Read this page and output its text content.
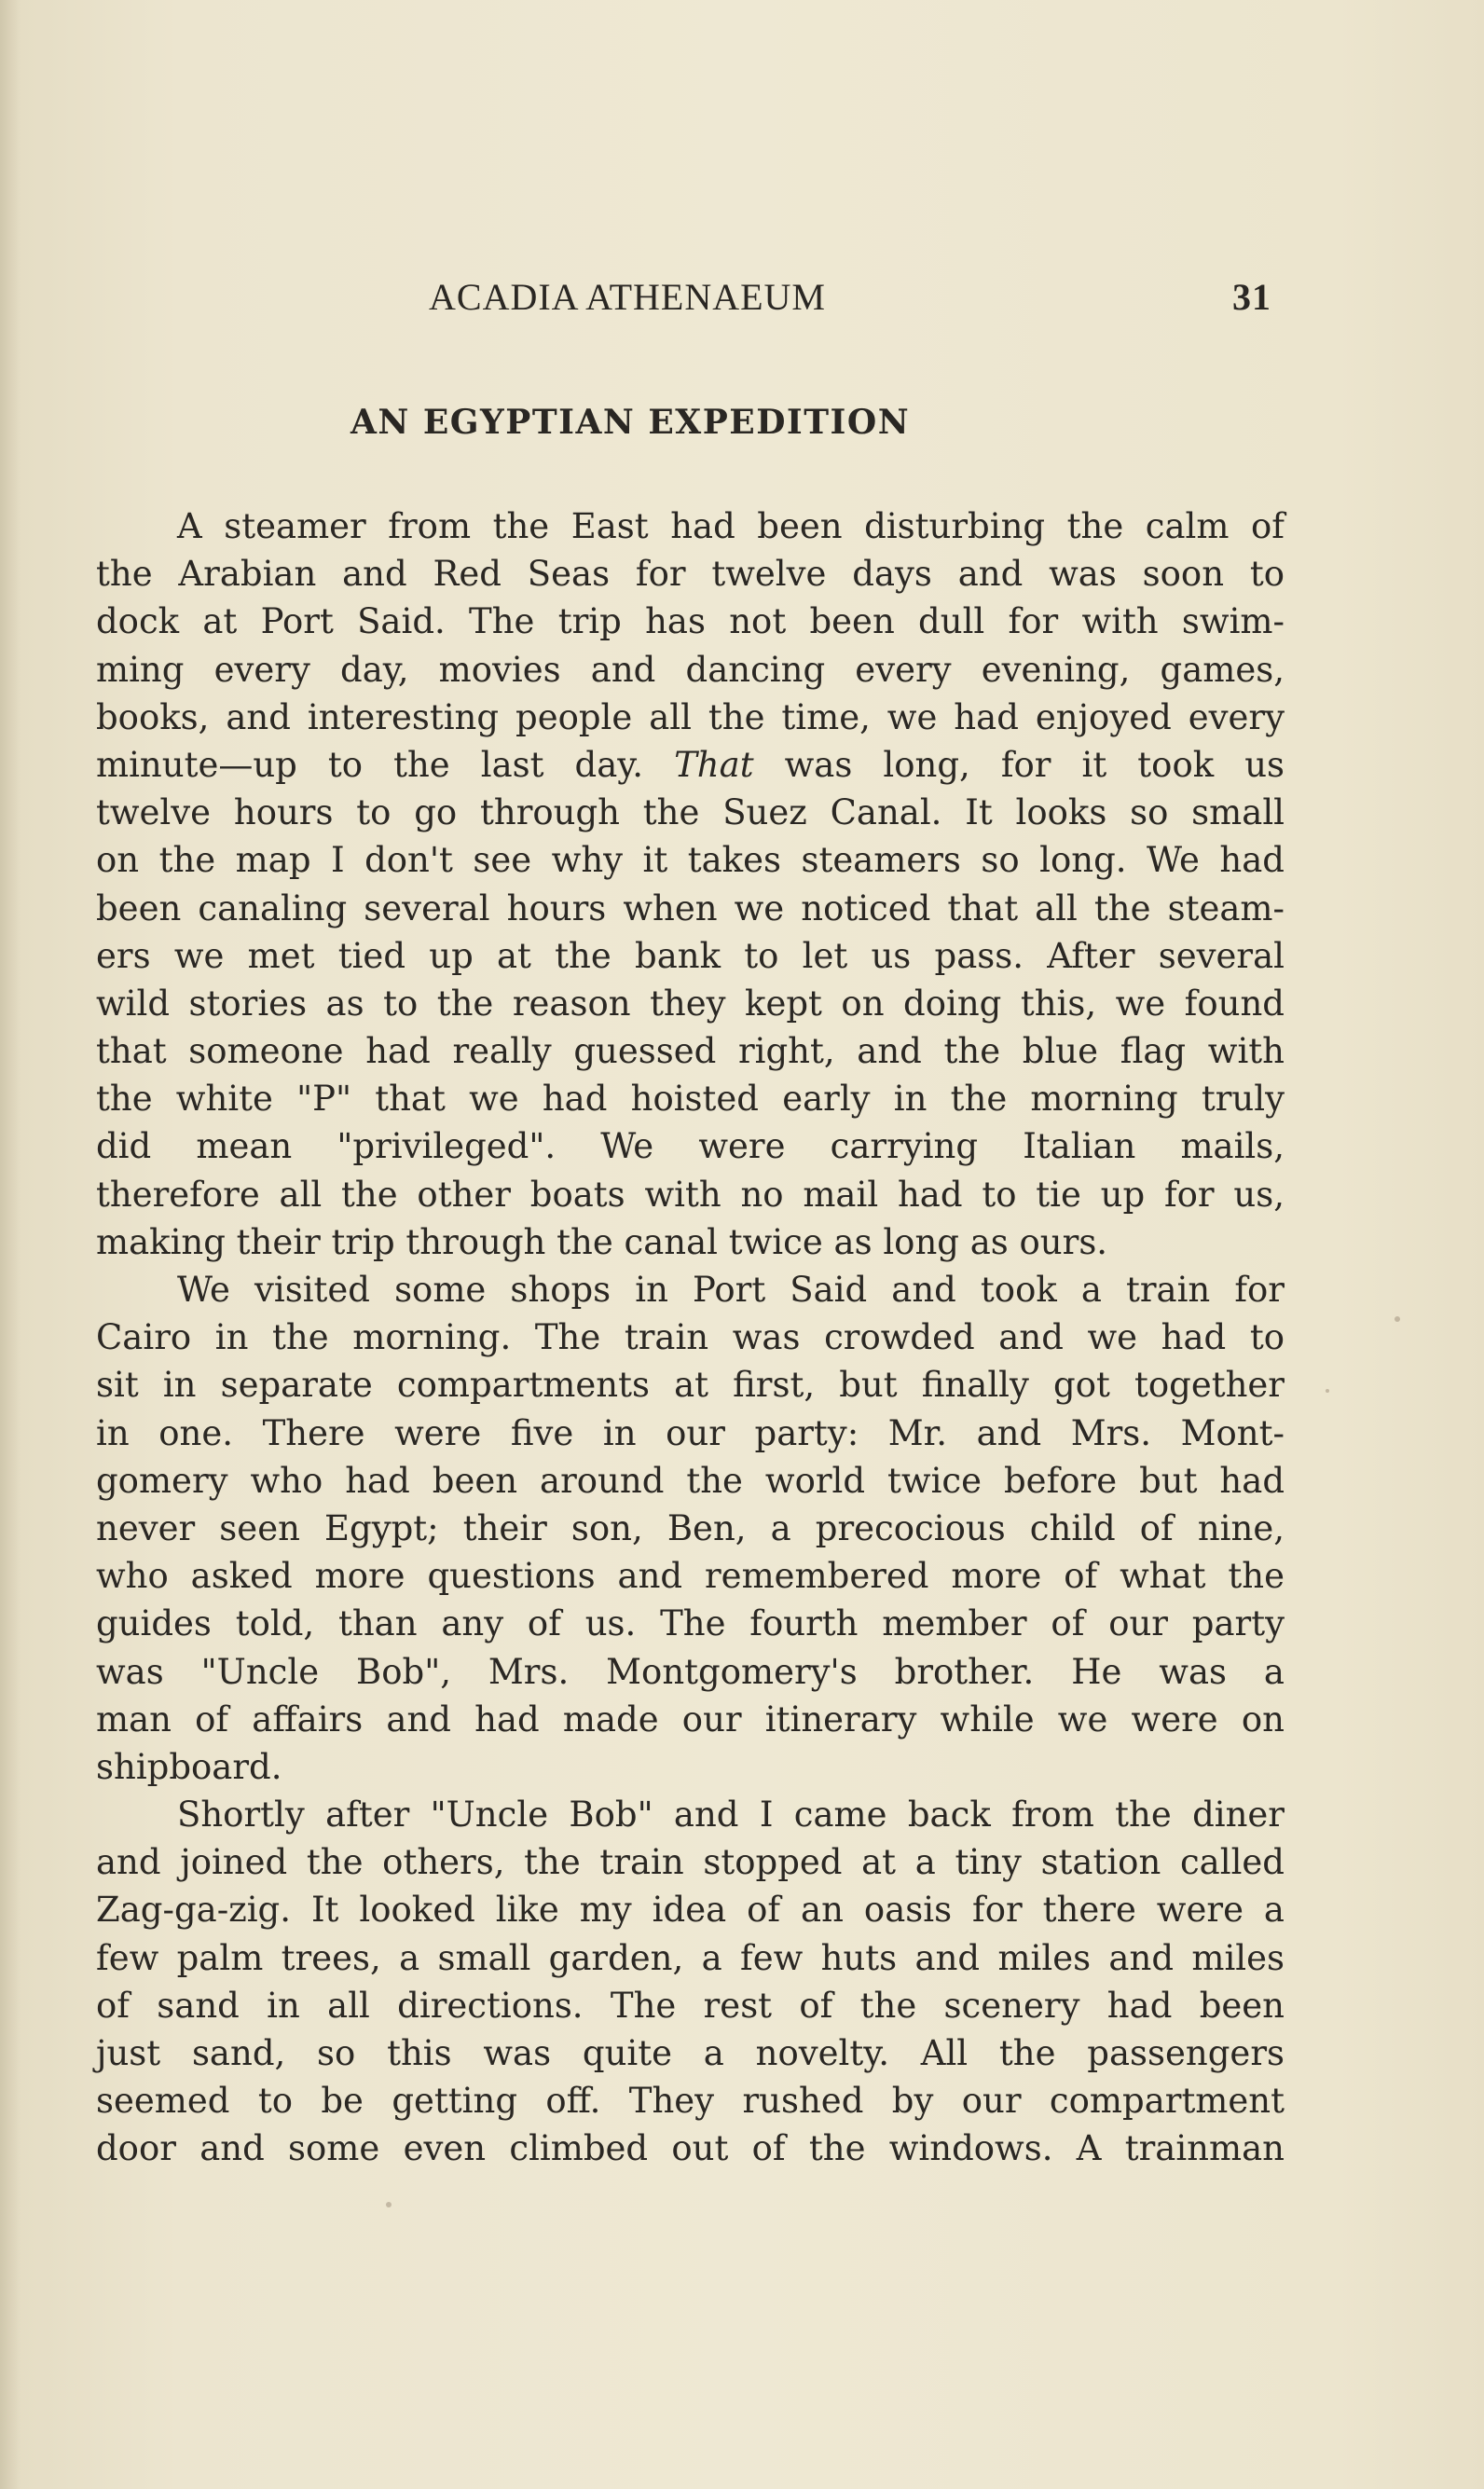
ACADIA ATHENAEUM	31
AN EGYPTIAN EXPEDITION
A steamer from the East had been disturbing the calm of
the Arabian and Red Seas for twelve days and was soon to
dock at Port Said. The trip has not been dull for with swim-
ming every day, movies and dancing every evening, games,
books, and interesting people all the time, we had enjoyed every
minute—up to the last day. That was long, for it took us
twelve hours to go through the Suez Canal. It looks so small
on the map I don't see why it takes steamers so long. We had
been canaling several hours when we noticed that all the steam-
ers we met tied up at the bank to let us pass. After several
wild stories as to the reason they kept on doing this, we found
that someone had really guessed right, and the blue flag with
the white "P" that we had hoisted early in the morning truly
did mean "privileged". We were carrying Italian mails,
therefore all the other boats with no mail had to tie up for us,
making their trip through the canal twice as long as ours.
We visited some shops in Port Said and took a train for
Cairo in the morning. The train was crowded and we had to
sit in separate compartments at first, but finally got together
in one. There were five in our party: Mr. and Mrs. Mont-
gomery who had been around the world twice before but had
never seen Egypt; their son, Ben, a precocious child of nine,
who asked more questions and remembered more of what the
guides told, than any of us. The fourth member of our party
was "Uncle Bob", Mrs. Montgomery's brother. He was a
man of affairs and had made our itinerary while we were on
shipboard.
Shortly after "Uncle Bob" and I came back from the diner
and joined the others, the train stopped at a tiny station called
Zag-ga-zig. It looked like my idea of an oasis for there were a
few palm trees, a small garden, a few huts and miles and miles
of sand in all directions. The rest of the scenery had been
just sand, so this was quite a novelty. All the passengers
seemed to be getting off. They rushed by our compartment
door and some even climbed out of the windows. A trainman
